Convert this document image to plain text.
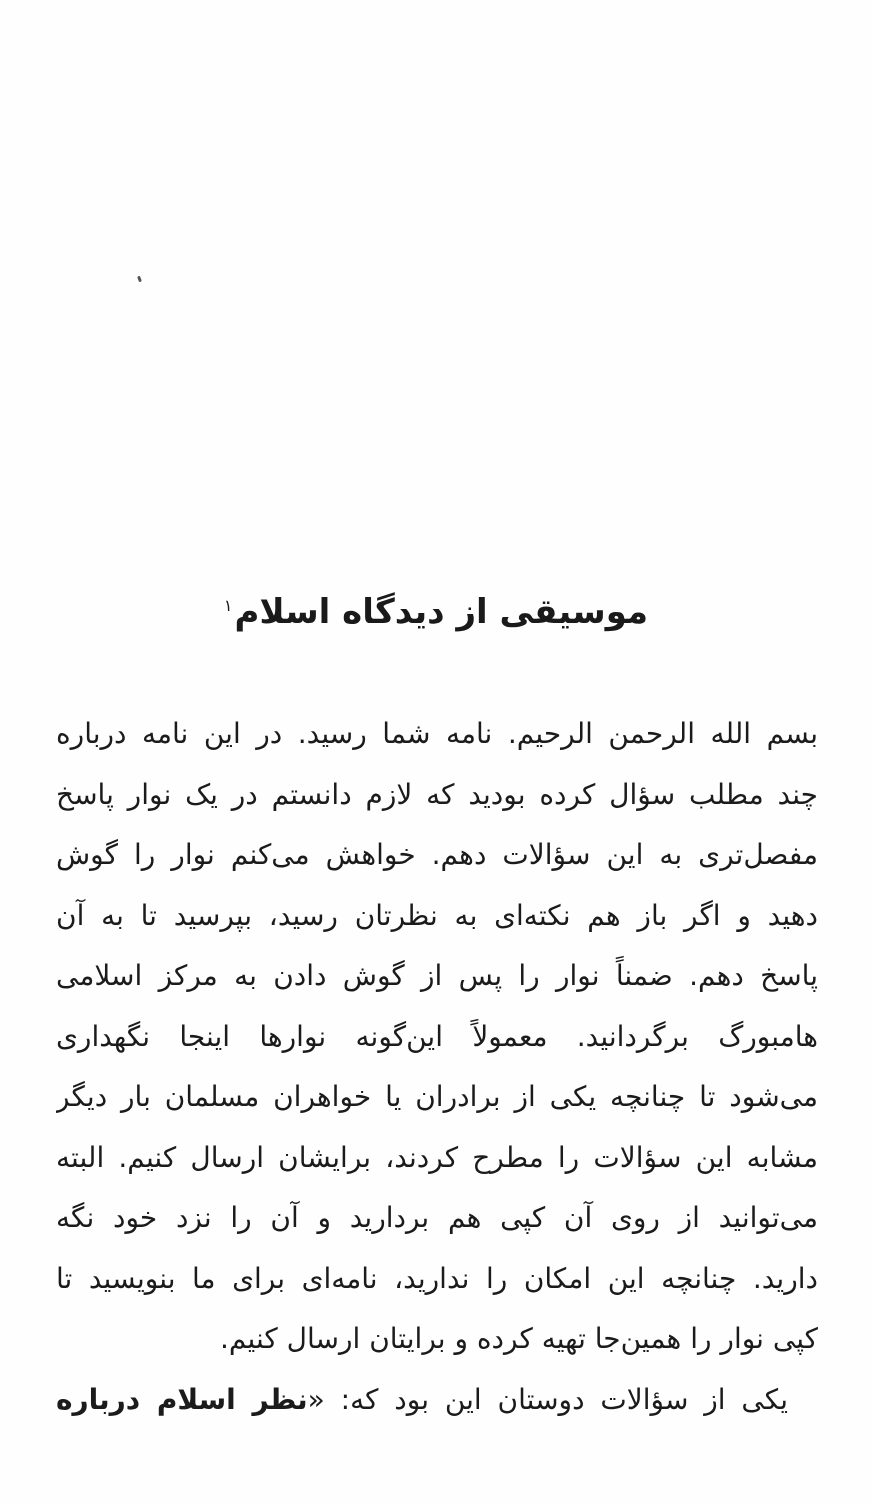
موسیقی از دیدگاه اسلام$^۱$
بسم الله الرحمن الرحیم. نامه شما رسید. در این نامه درباره
چند مطلب سؤال کرده بودید که لازم دانستم در یک نوار پاسخ
مفصل‌تری به این سؤالات دهم. خواهش می‌کنم نوار را گوش
دهید و اگر باز هم نکته‌ای به نظرتان رسید، بپرسید تا به آن
پاسخ دهم. ضمناً نوار را پس از گوش دادن به مرکز اسلامی
هامبورگ برگردانید. معمولاً این‌گونه نوارها اینجا نگهداری
می‌شود تا چنانچه یکی از برادران یا خواهران مسلمان بار دیگر
مشابه این سؤالات را مطرح کردند، برایشان ارسال کنیم. البته
می‌توانید از روی آن کپی هم بردارید و آن را نزد خود نگه
دارید. چنانچه این امکان را ندارید، نامه‌ای برای ما بنویسید تا
کپی نوار را همین‌جا تهیه کرده و برایتان ارسال کنیم.
یکی از سؤالات دوستان این بود که: «نظر اسلام درباره
